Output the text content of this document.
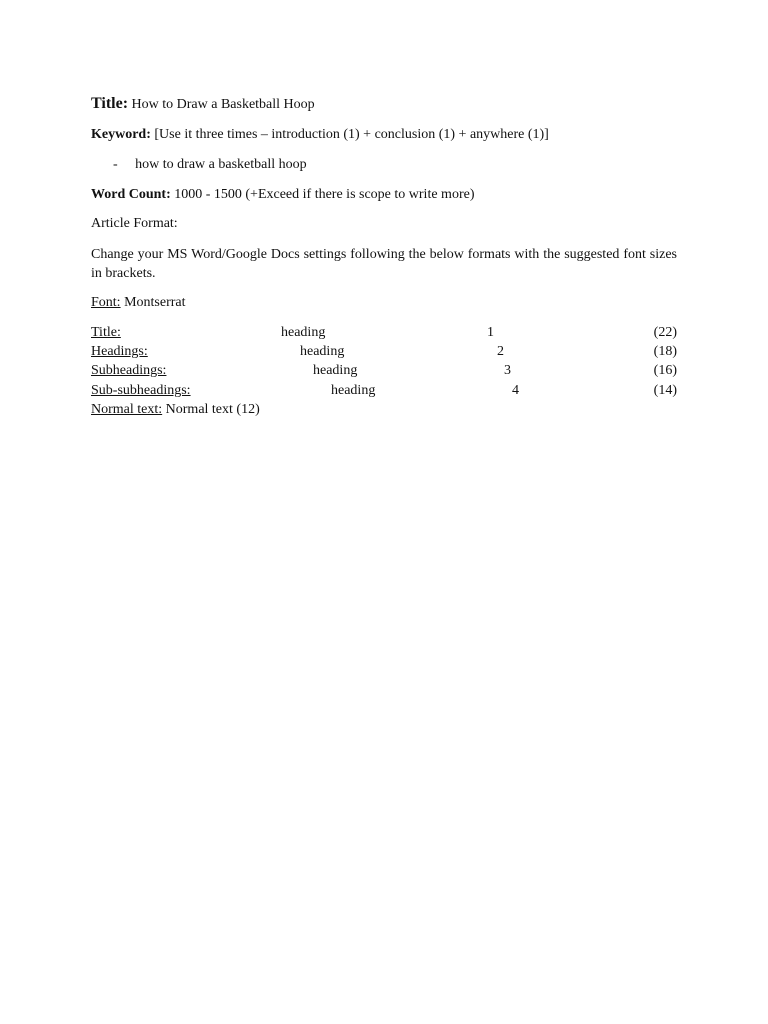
Title: How to Draw a Basketball Hoop
Keyword: [Use it three times – introduction (1) + conclusion (1) + anywhere (1)]
- how to draw a basketball hoop
Word Count: 1000 - 1500 (+Exceed if there is scope to write more)
Article Format:
Change your MS Word/Google Docs settings following the below formats with the suggested font sizes in brackets.
Font: Montserrat
Title:	heading	1	(22)
Headings:	heading	2	(18)
Subheadings:	heading	3	(16)
Sub-subheadings:	heading	4	(14)
Normal text: Normal text (12)
